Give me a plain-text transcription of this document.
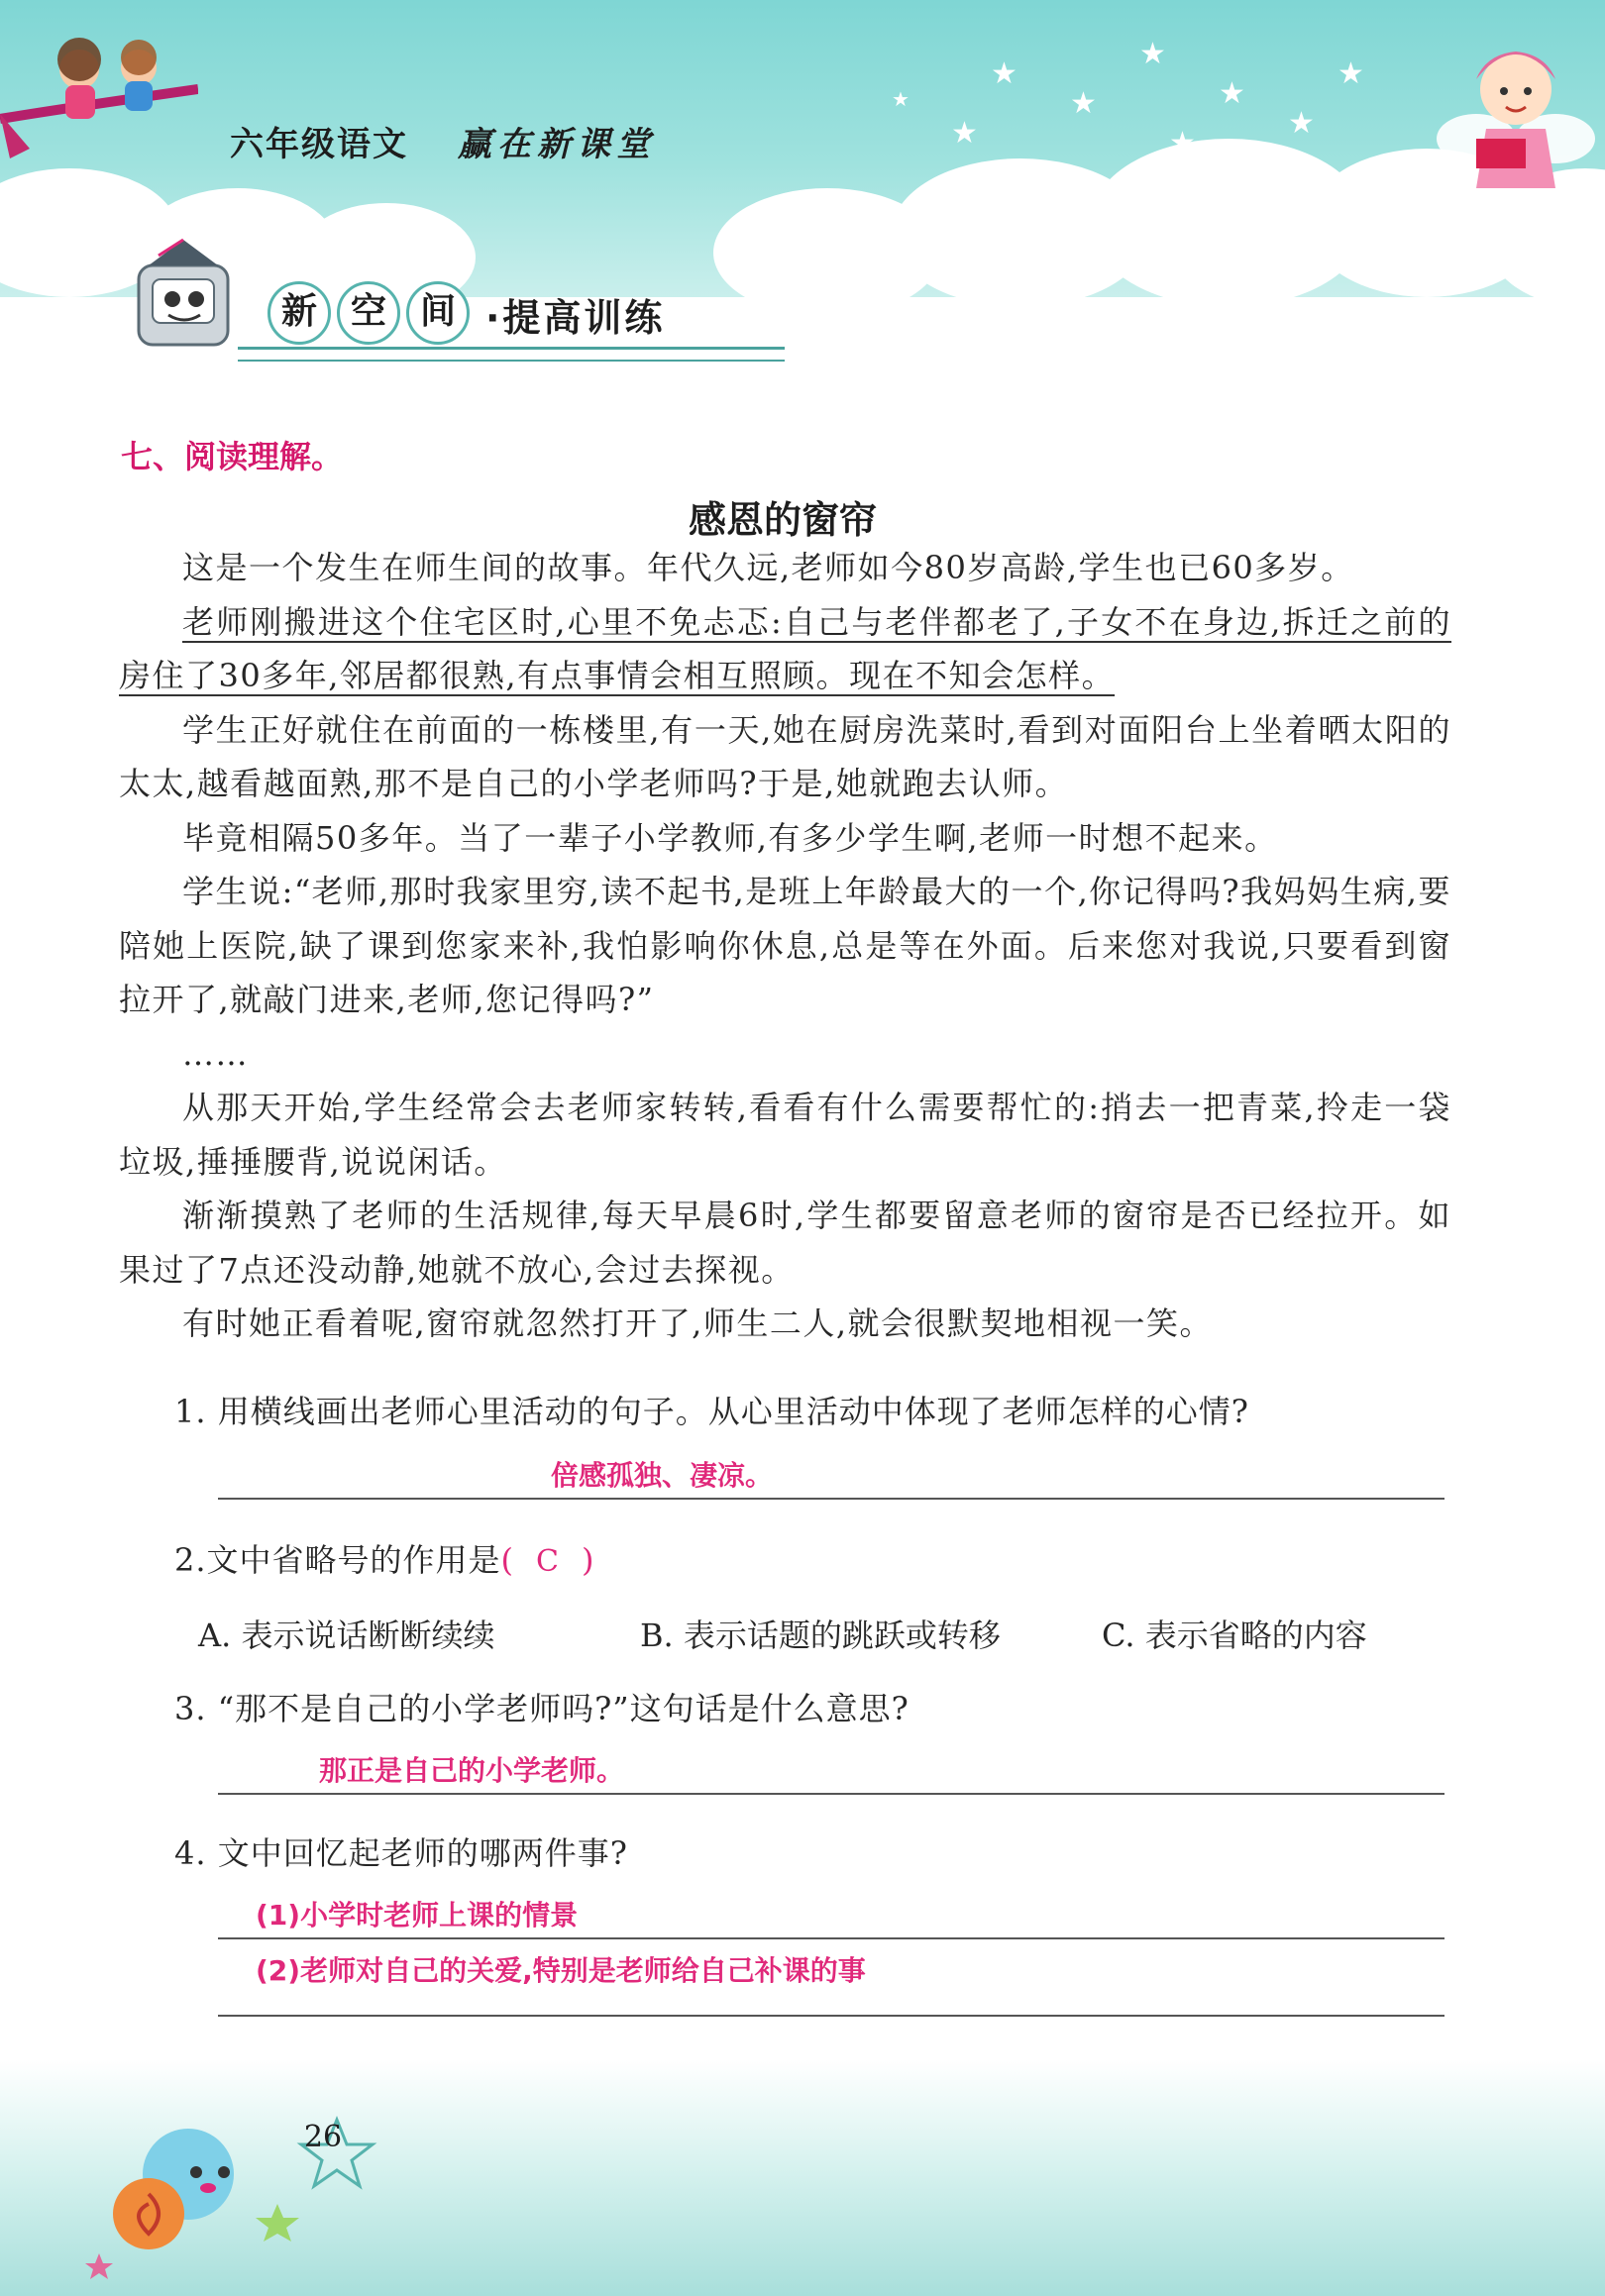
★
★
★
★
★
★
★
★
★
六年级语文 赢在新课堂
新 空 间 ·提高训练
七、阅读理解。
感恩的窗帘

这是一个发生在师生间的故事。年代久远,老师如今80岁高龄,学生也已60多岁。

老师刚搬进这个住宅区时,心里不免忐忑:自己与老伴都老了,子女不在身边,拆迁之前的房住了30多年,邻居都很熟,有点事情会相互照顾。现在不知会怎样。

学生正好就住在前面的一栋楼里,有一天,她在厨房洗菜时,看到对面阳台上坐着晒太阳的太太,越看越面熟,那不是自己的小学老师吗?于是,她就跑去认师。

毕竟相隔50多年。当了一辈子小学教师,有多少学生啊,老师一时想不起来。

学生说:“老师,那时我家里穷,读不起书,是班上年龄最大的一个,你记得吗?我妈妈生病,要陪她上医院,缺了课到您家来补,我怕影响你休息,总是等在外面。后来您对我说,只要看到窗拉开了,就敲门进来,老师,您记得吗?”

……

从那天开始,学生经常会去老师家转转,看看有什么需要帮忙的:捎去一把青菜,拎走一袋垃圾,捶捶腰背,说说闲话。

渐渐摸熟了老师的生活规律,每天早晨6时,学生都要留意老师的窗帘是否已经拉开。如果过了7点还没动静,她就不放心,会过去探视。

有时她正看着呢,窗帘就忽然打开了,师生二人,就会很默契地相视一笑。

1. 用横线画出老师心里活动的句子。从心里活动中体现了老师怎样的心情?
倍感孤独、凄凉。
2.文中省略号的作用是( C )
A. 表示说话断断续续	B. 表示话题的跳跃或转移	C. 表示省略的内容
3. “那不是自己的小学老师吗?”这句话是什么意思?
那正是自己的小学老师。
4. 文中回忆起老师的哪两件事?
(1)小学时老师上课的情景
(2)老师对自己的关爱,特别是老师给自己补课的事
26
